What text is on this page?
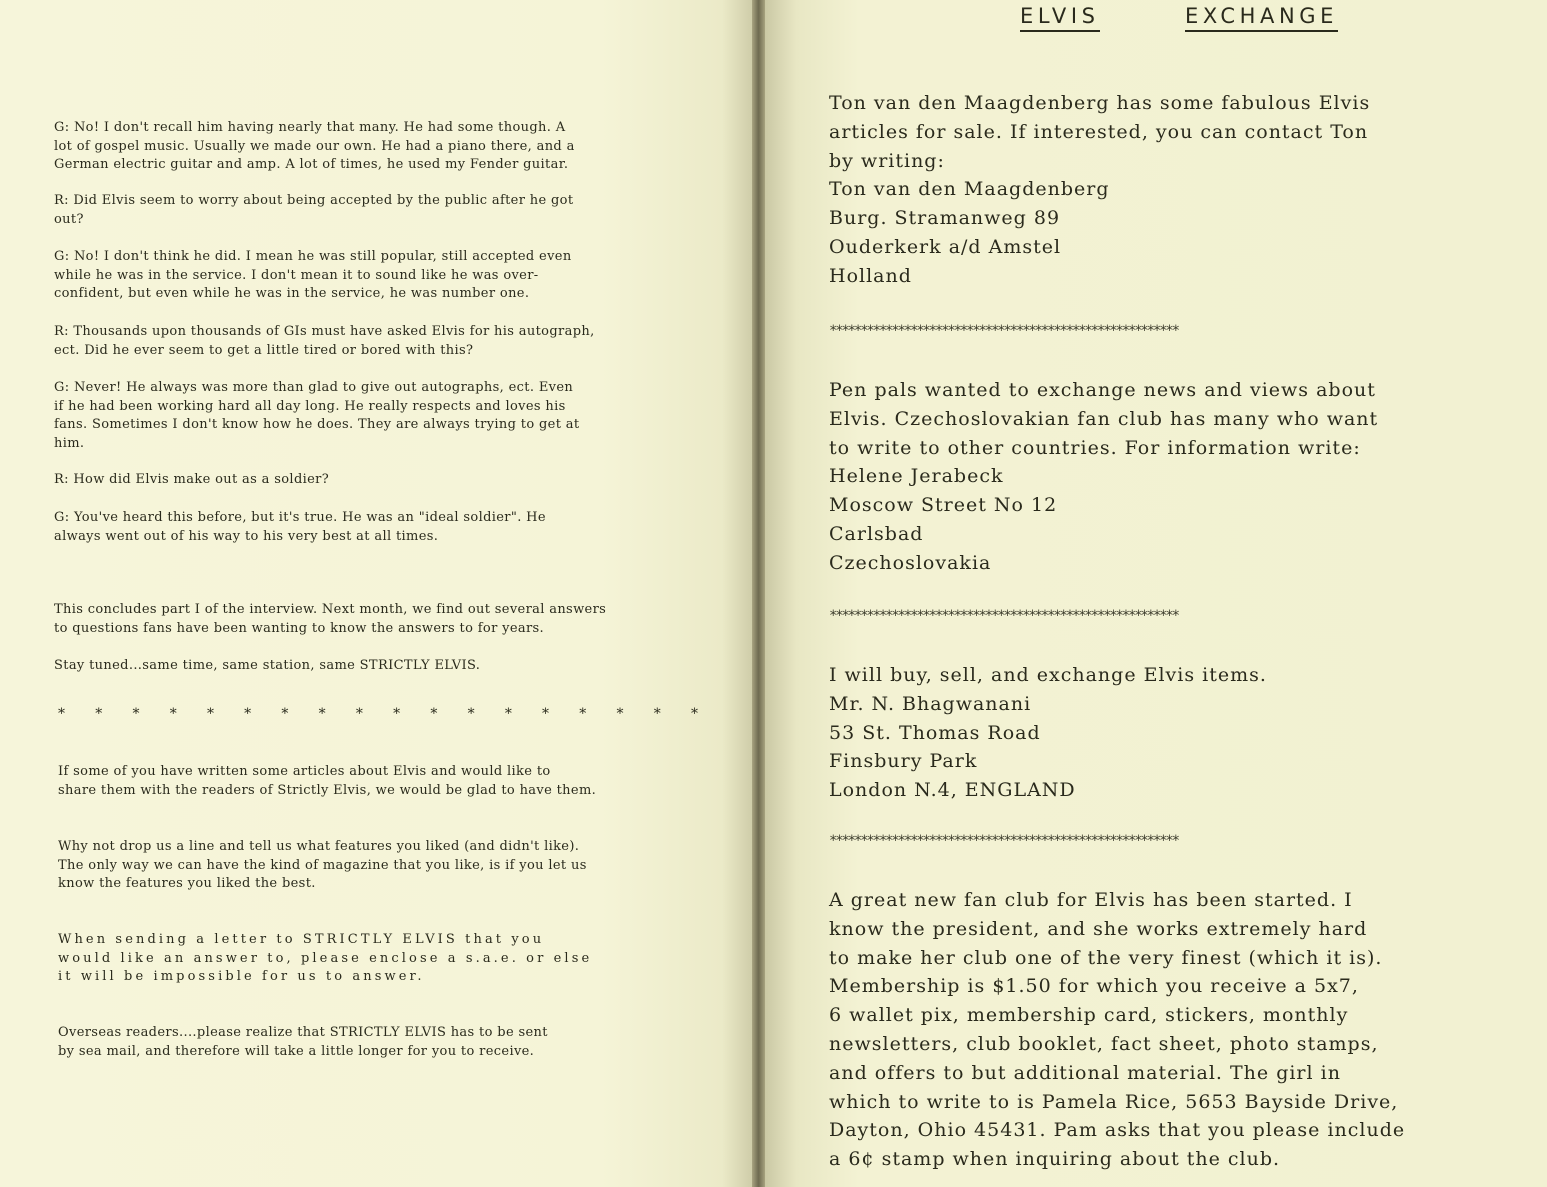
G: No! I don't recall him having nearly that many. He had some though. A
lot of gospel music. Usually we made our own. He had a piano there, and a
German electric guitar and amp. A lot of times, he used my Fender guitar.

R: Did Elvis seem to worry about being accepted by the public after he got
out?

G: No! I don't think he did. I mean he was still popular, still accepted even
while he was in the service. I don't mean it to sound like he was over-
confident, but even while he was in the service, he was number one.

R: Thousands upon thousands of GIs must have asked Elvis for his autograph,
ect. Did he ever seem to get a little tired or bored with this?

G: Never! He always was more than glad to give out autographs, ect. Even
if he had been working hard all day long. He really respects and loves his
fans. Sometimes I don't know how he does. They are always trying to get at
him.

R: How did Elvis make out as a soldier?

G: You've heard this before, but it's true. He was an "ideal soldier". He
always went out of his way to his very best at all times.

This concludes part I of the interview. Next month, we find out several answers
to questions fans have been wanting to know the answers to for years.

Stay tuned...same time, same station, same STRICTLY ELVIS.

* * * * * * * * * * * * * * * * * *

If some of you have written some articles about Elvis and would like to
share them with the readers of Strictly Elvis, we would be glad to have them.

Why not drop us a line and tell us what features you liked (and didn't like).
The only way we can have the kind of magazine that you like, is if you let us
know the features you liked the best.

When sending a letter to STRICTLY ELVIS that you
would like an answer to, please enclose a s.a.e. or else
it will be impossible for us to answer.

Overseas readers....please realize that STRICTLY ELVIS has to be sent
by sea mail, and therefore will take a little longer for you to receive.

ELVIS	EXCHANGE

Ton van den Maagdenberg has some fabulous Elvis
articles for sale. If interested, you can contact Ton
by writing:
Ton van den Maagdenberg
Burg. Stramanweg 89
Ouderkerk a/d Amstel
Holland

********************************************************

Pen pals wanted to exchange news and views about
Elvis. Czechoslovakian fan club has many who want
to write to other countries. For information write:
Helene Jerabeck
Moscow Street No 12
Carlsbad
Czechoslovakia

********************************************************

I will buy, sell, and exchange Elvis items.
Mr. N. Bhagwanani
53 St. Thomas Road
Finsbury Park
London N.4, ENGLAND

********************************************************

A great new fan club for Elvis has been started. I
know the president, and she works extremely hard
to make her club one of the very finest (which it is).
Membership is $1.50 for which you receive a 5x7,
6 wallet pix, membership card, stickers, monthly
newsletters, club booklet, fact sheet, photo stamps,
and offers to but additional material. The girl in
which to write to is Pamela Rice, 5653 Bayside Drive,
Dayton, Ohio 45431. Pam asks that you please include
a 6¢ stamp when inquiring about the club.
